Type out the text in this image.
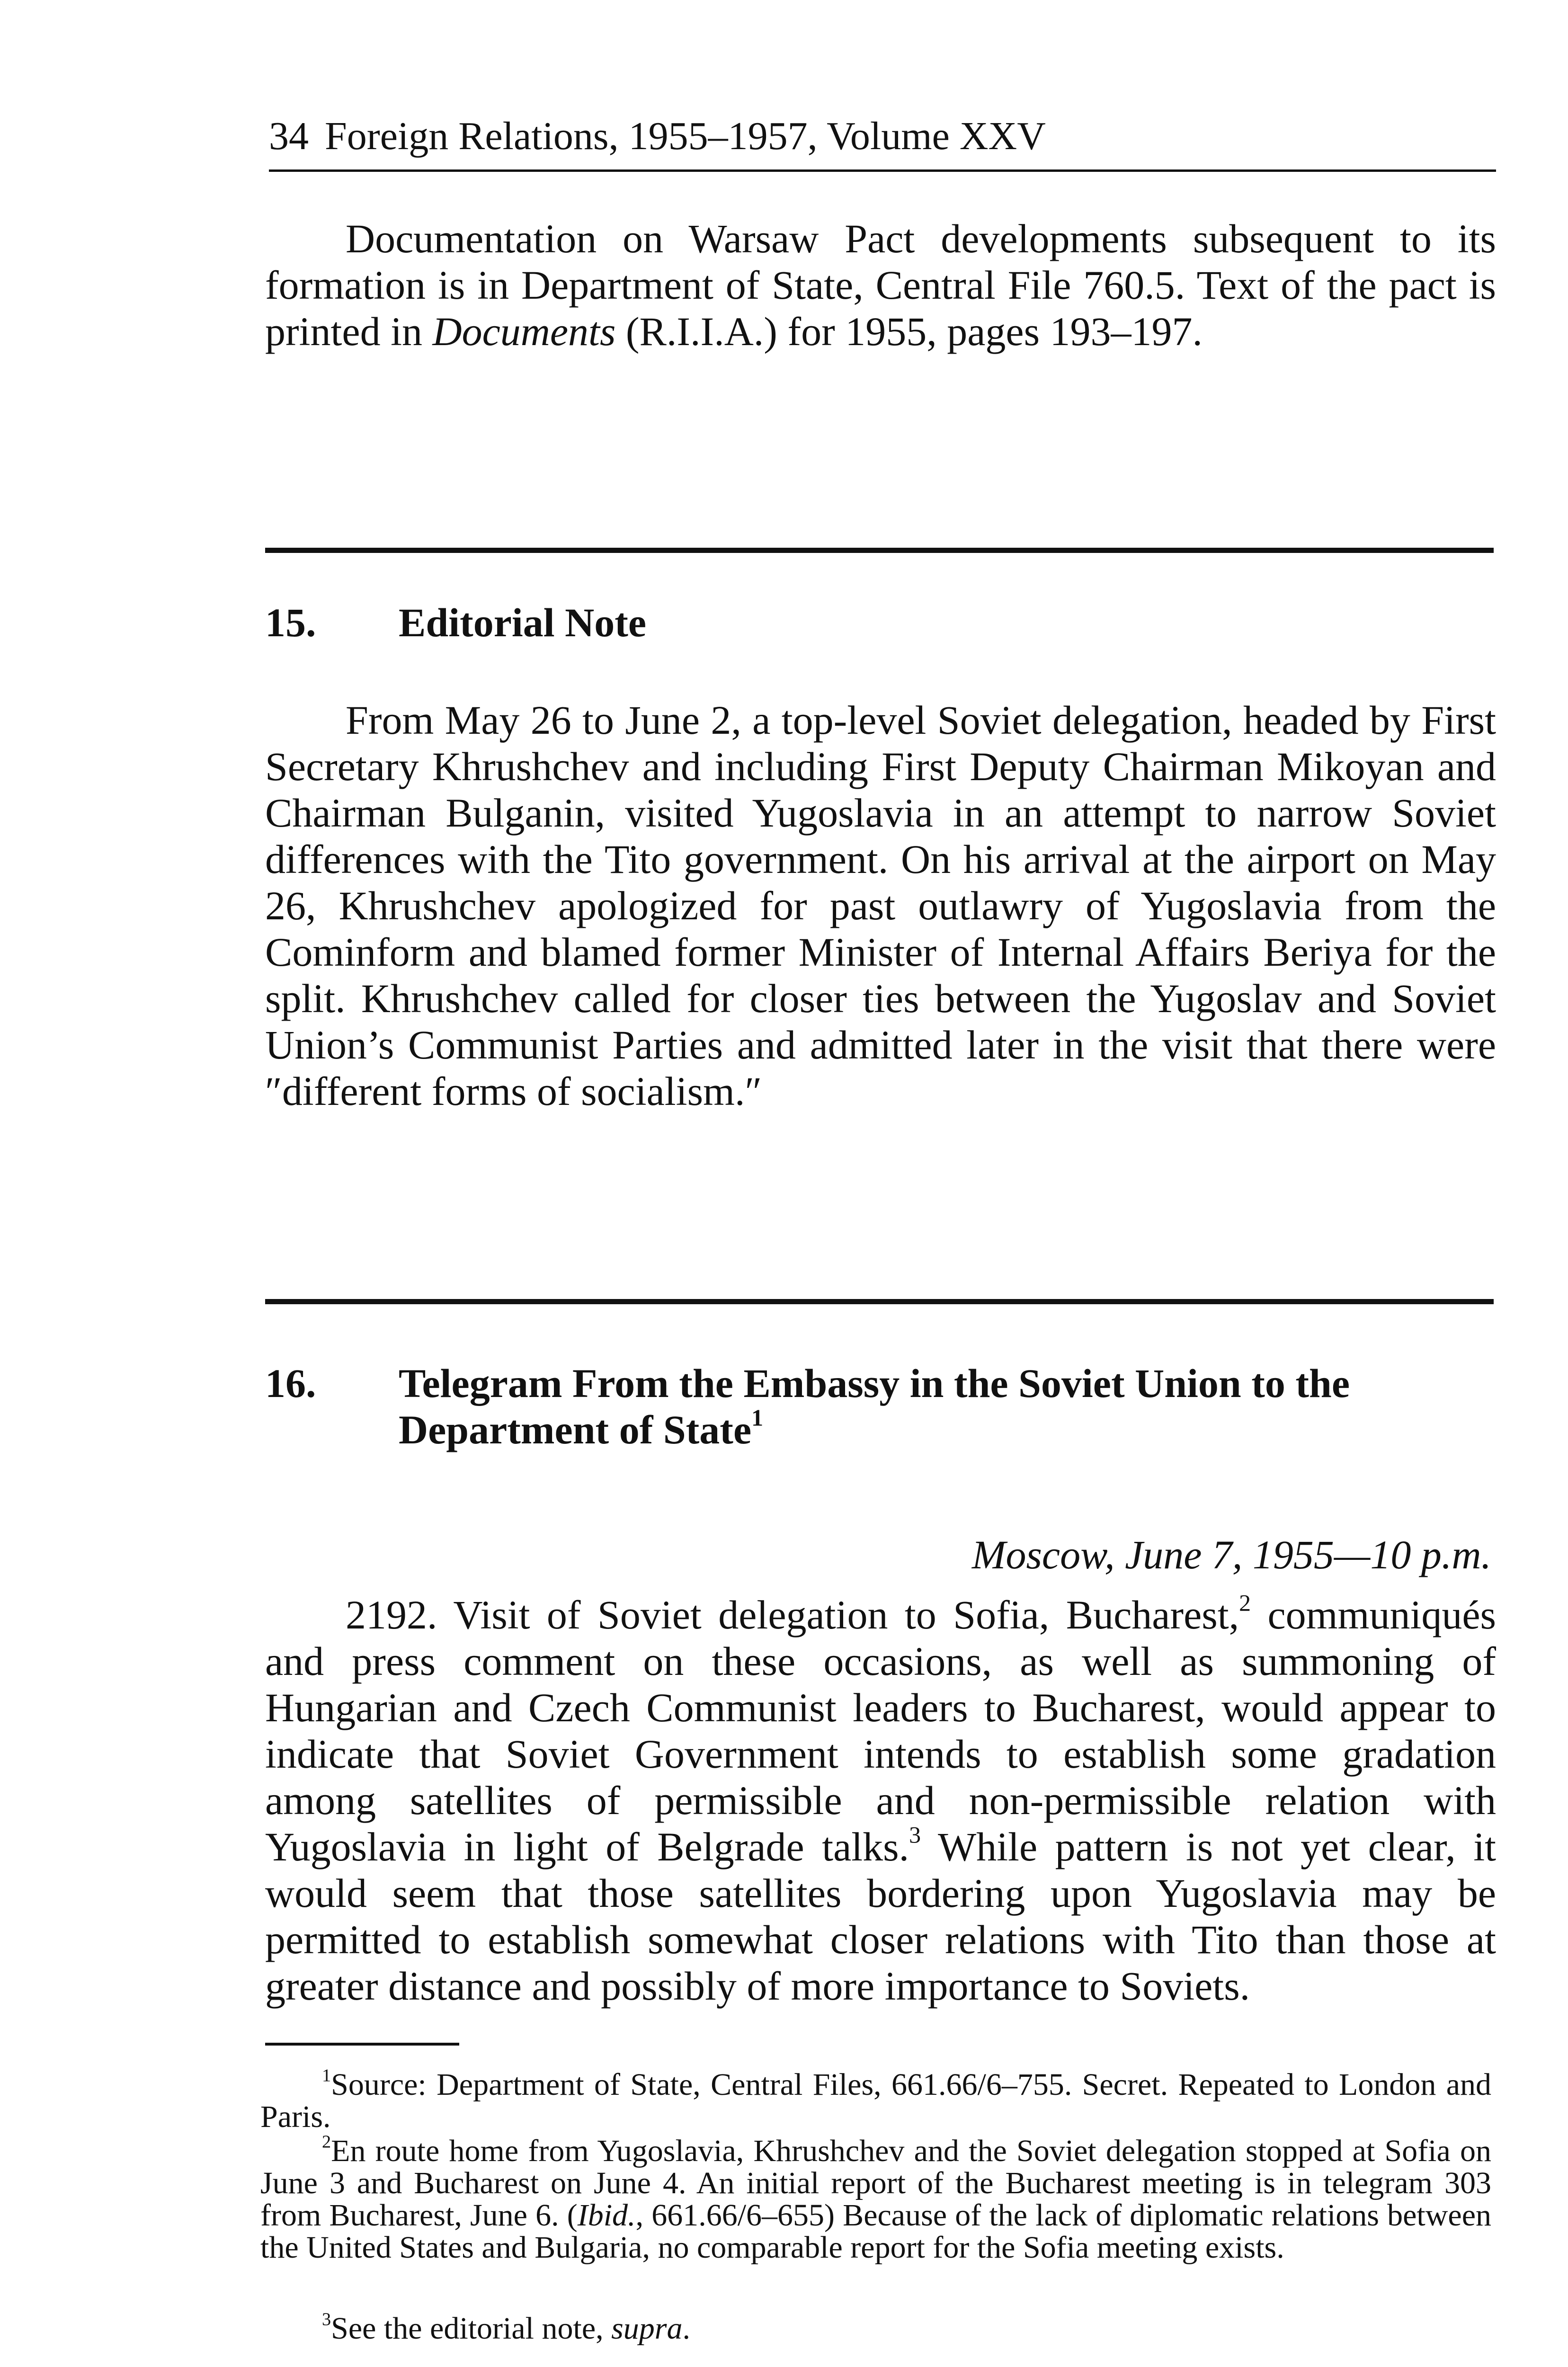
34 Foreign Relations, 1955–1957, Volume XXV

Documentation on Warsaw Pact developments subsequent to its formation is in Department of State, Central File 760.5. Text of the pact is printed in Documents (R.I.I.A.) for 1955, pages 193–197.

15. Editorial Note

From May 26 to June 2, a top-level Soviet delegation, headed by First Secretary Khrushchev and including First Deputy Chairman Mikoyan and Chairman Bulganin, visited Yugoslavia in an attempt to narrow Soviet differences with the Tito government. On his arrival at the airport on May 26, Khrushchev apologized for past outlawry of Yugoslavia from the Cominform and blamed former Minister of Internal Affairs Beriya for the split. Khrushchev called for closer ties between the Yugoslav and Soviet Union’s Communist Parties and admitted later in the visit that there were ″different forms of socialism.″

16. Telegram From the Embassy in the Soviet Union to the Department of State$^1$
Moscow, June 7, 1955—10 p.m.

2192. Visit of Soviet delegation to Sofia, Bucharest,$^2$ communiqués and press comment on these occasions, as well as summoning of Hungarian and Czech Communist leaders to Bucharest, would appear to indicate that Soviet Government intends to establish some gradation among satellites of permissible and non-permissible relation with Yugoslavia in light of Belgrade talks.$^3$ While pattern is not yet clear, it would seem that those satellites bordering upon Yugoslavia may be permitted to establish somewhat closer relations with Tito than those at greater distance and possibly of more importance to Soviets.

$^1$Source: Department of State, Central Files, 661.66/6–755. Secret. Repeated to London and Paris.

$^2$En route home from Yugoslavia, Khrushchev and the Soviet delegation stopped at Sofia on June 3 and Bucharest on June 4. An initial report of the Bucharest meeting is in telegram 303 from Bucharest, June 6. (Ibid., 661.66/6–655) Because of the lack of diplomatic relations between the United States and Bulgaria, no comparable report for the Sofia meeting exists.

$^3$See the editorial note, supra.
